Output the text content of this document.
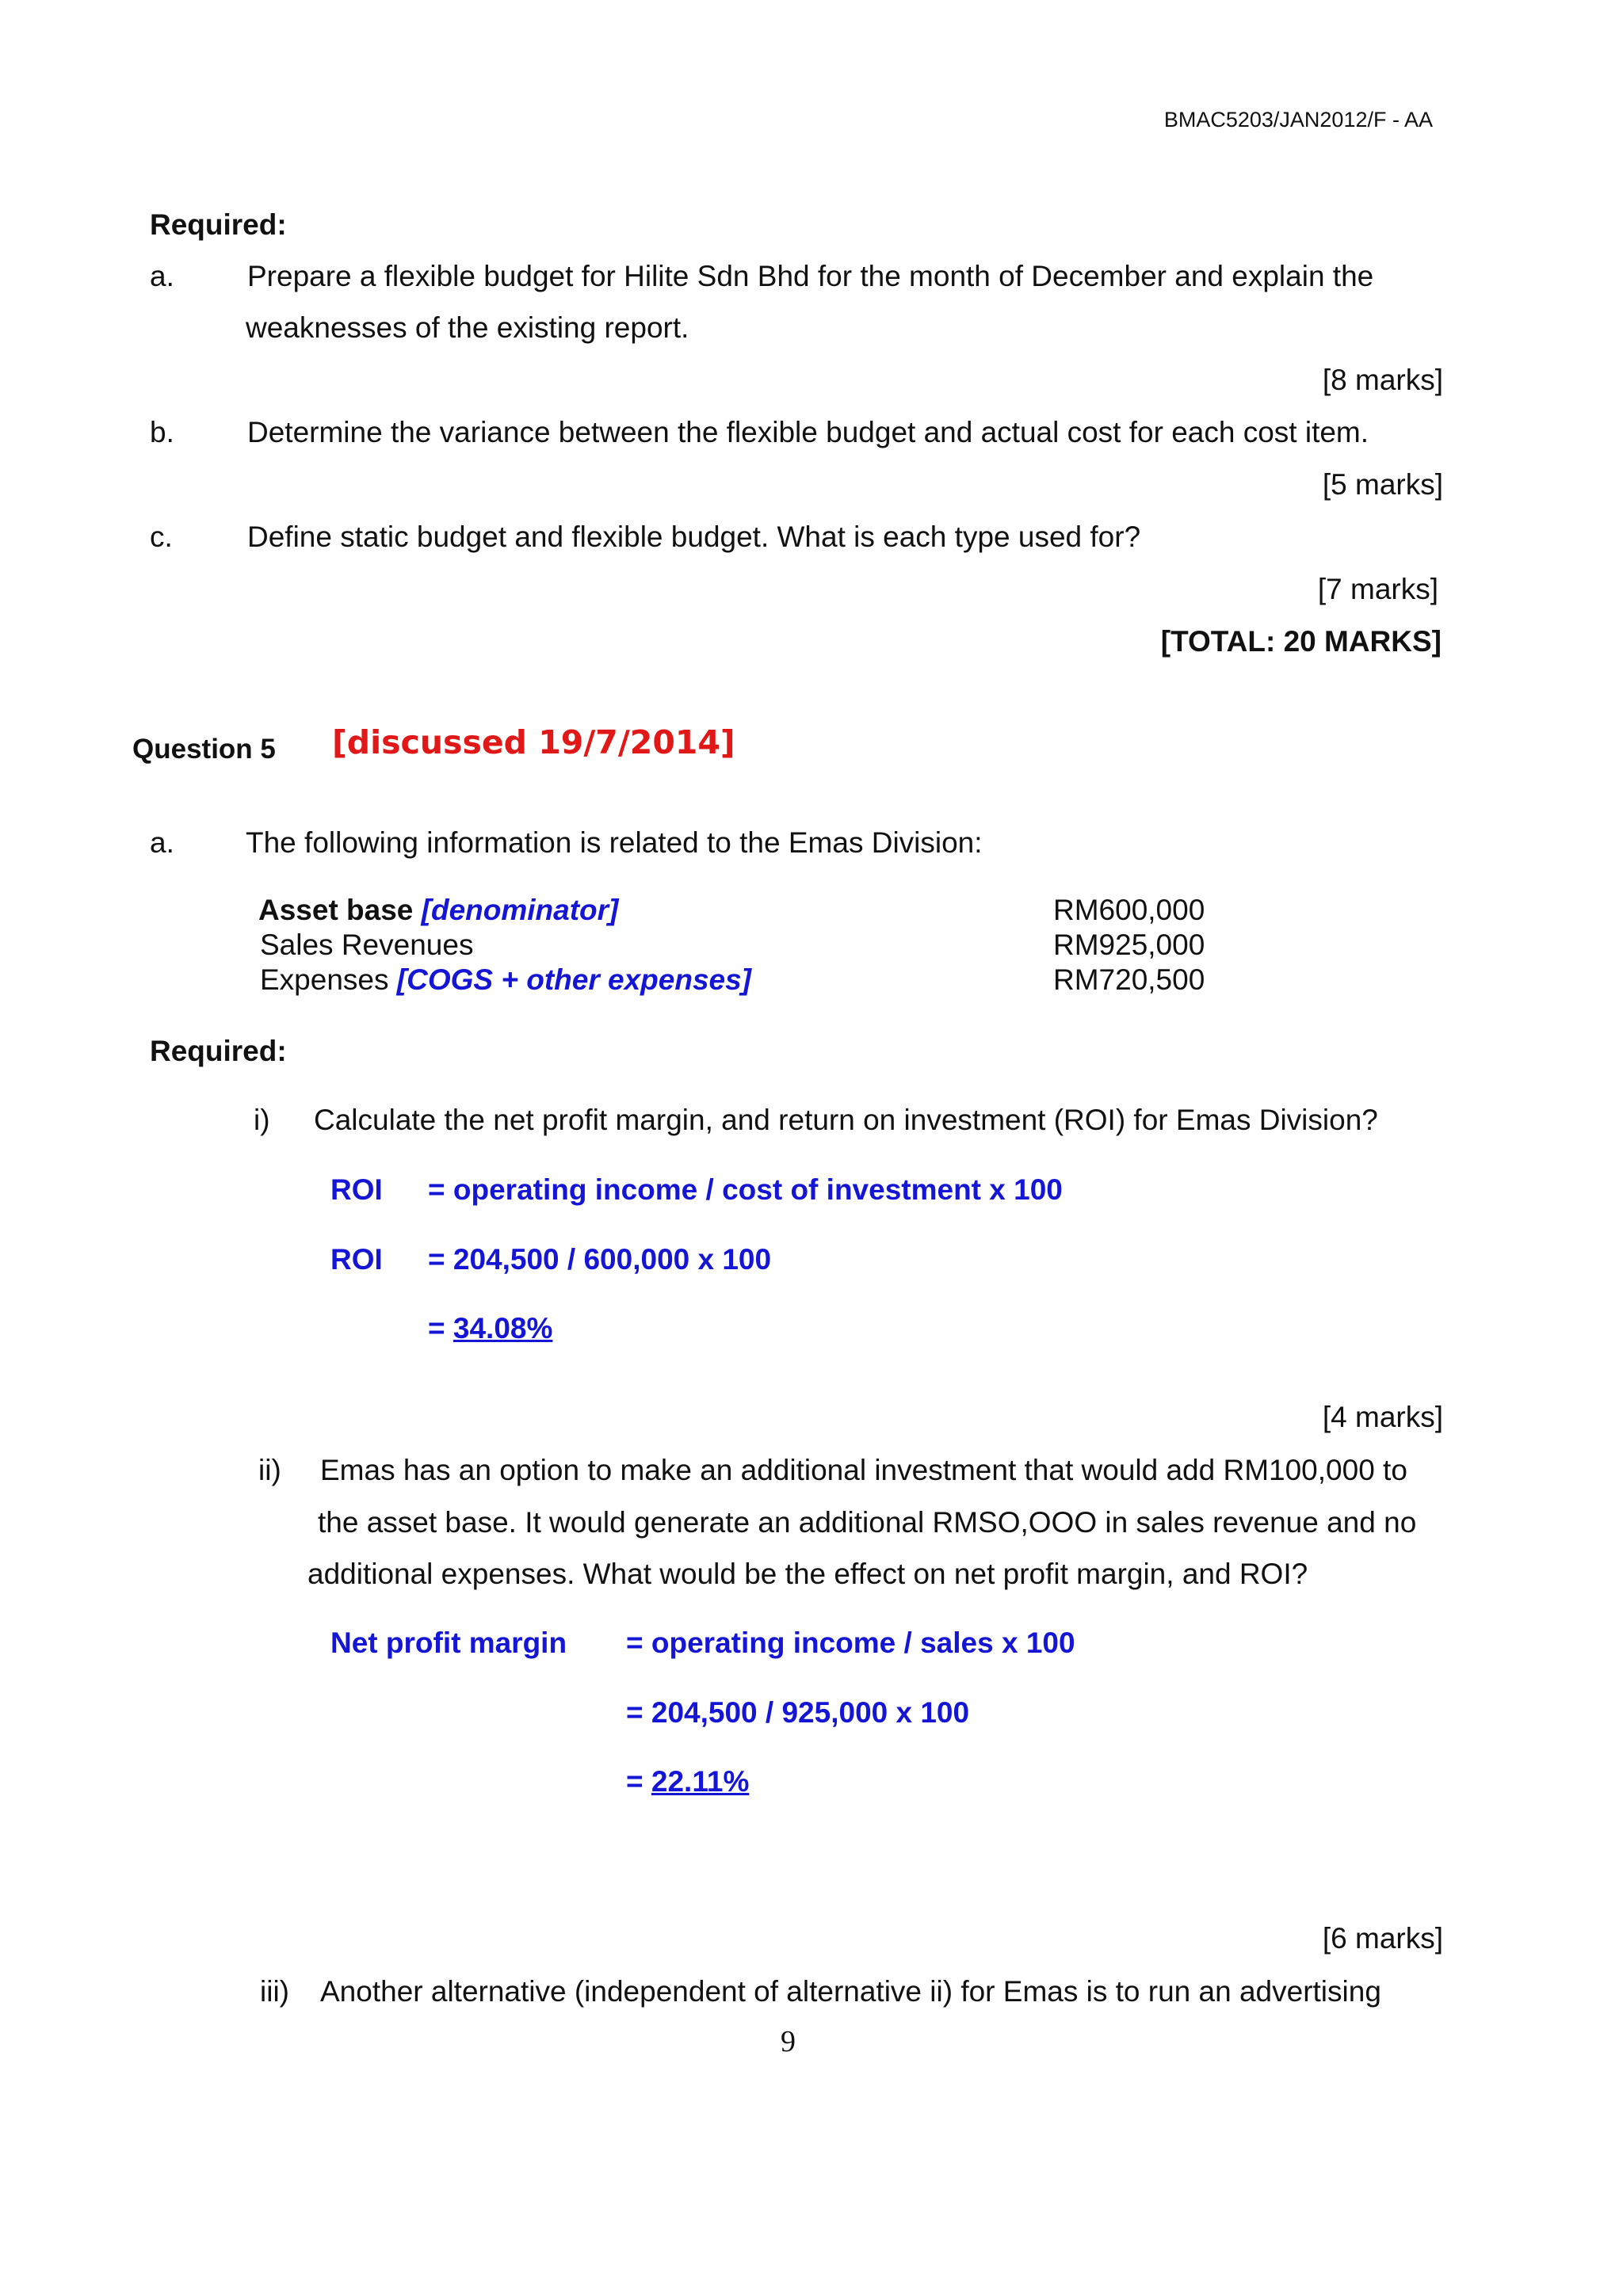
BMAC5203/JAN2012/F - AA
Required:
a. Prepare a flexible budget for Hilite Sdn Bhd for the month of December and explain the
weaknesses of the existing report.
[8 marks]
b. Determine the variance between the flexible budget and actual cost for each cost item.
[5 marks]
c.	Define static budget and flexible budget. What is each type used for?
[7 marks]
[TOTAL: 20 MARKS]
Question 5 [discussed 19/7/2014]
a. The following information is related to the Emas Division:
Asset base [denominator]	RM600,000
Sales Revenues	RM925,000
Expenses [COGS + other expenses]	RM720,500
Required:
i) Calculate the net profit margin, and return on investment (ROI) for Emas Division?
ROI = operating income / cost of investment x 100
ROI = 204,500 / 600,000 x 100
= 34.08%
[4 marks]
ii) Emas has an option to make an additional investment that would add RM100,000 to
the asset base. It would generate an additional RMSO,OOO in sales revenue and no
additional expenses. What would be the effect on net profit margin, and ROI?
Net profit margin = operating income / sales x 100
= 204,500 / 925,000 x 100
= 22.11%
[6 marks]
iii) Another alternative (independent of alternative ii) for Emas is to run an advertising
9
